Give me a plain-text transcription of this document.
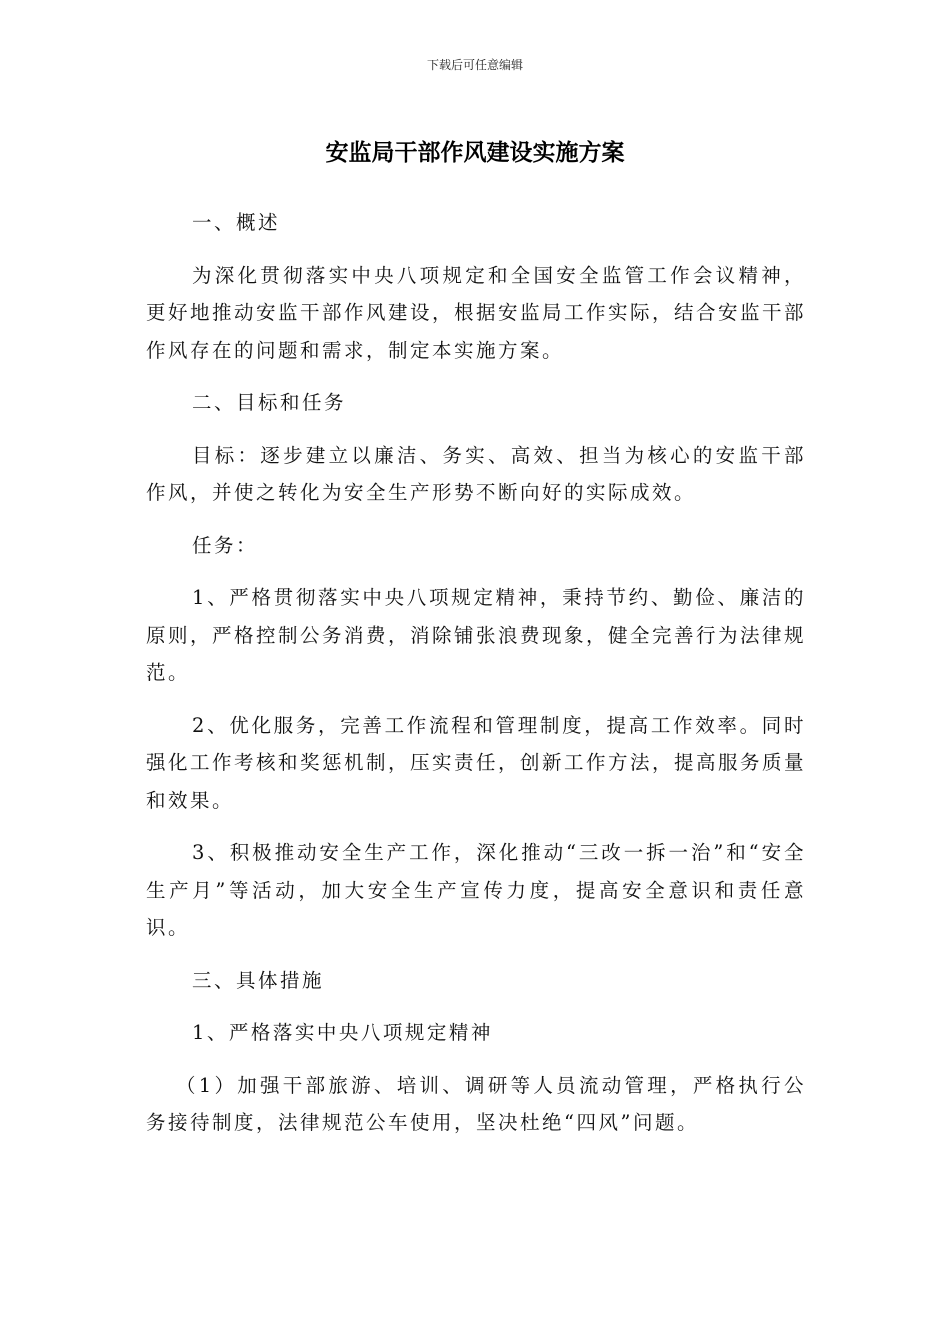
下载后可任意编辑
安监局干部作风建设实施方案

一、概述

为深化贯彻落实中央八项规定和全国安全监管工作会议精神，更好地推动安监干部作风建设，根据安监局工作实际，结合安监干部作风存在的问题和需求，制定本实施方案。

二、目标和任务

目标：逐步建立以廉洁、务实、高效、担当为核心的安监干部作风，并使之转化为安全生产形势不断向好的实际成效。

任务：

1、严格贯彻落实中央八项规定精神，秉持节约、勤俭、廉洁的原则，严格控制公务消费，消除铺张浪费现象，健全完善行为法律规范。

2、优化服务，完善工作流程和管理制度，提高工作效率。同时强化工作考核和奖惩机制，压实责任，创新工作方法，提高服务质量和效果。

3、积极推动安全生产工作，深化推动“三改一拆一治”和“安全生产月”等活动，加大安全生产宣传力度，提高安全意识和责任意识。

三、具体措施

1、严格落实中央八项规定精神

（1）加强干部旅游、培训、调研等人员流动管理，严格执行公务接待制度，法律规范公车使用，坚决杜绝“四风”问题。
